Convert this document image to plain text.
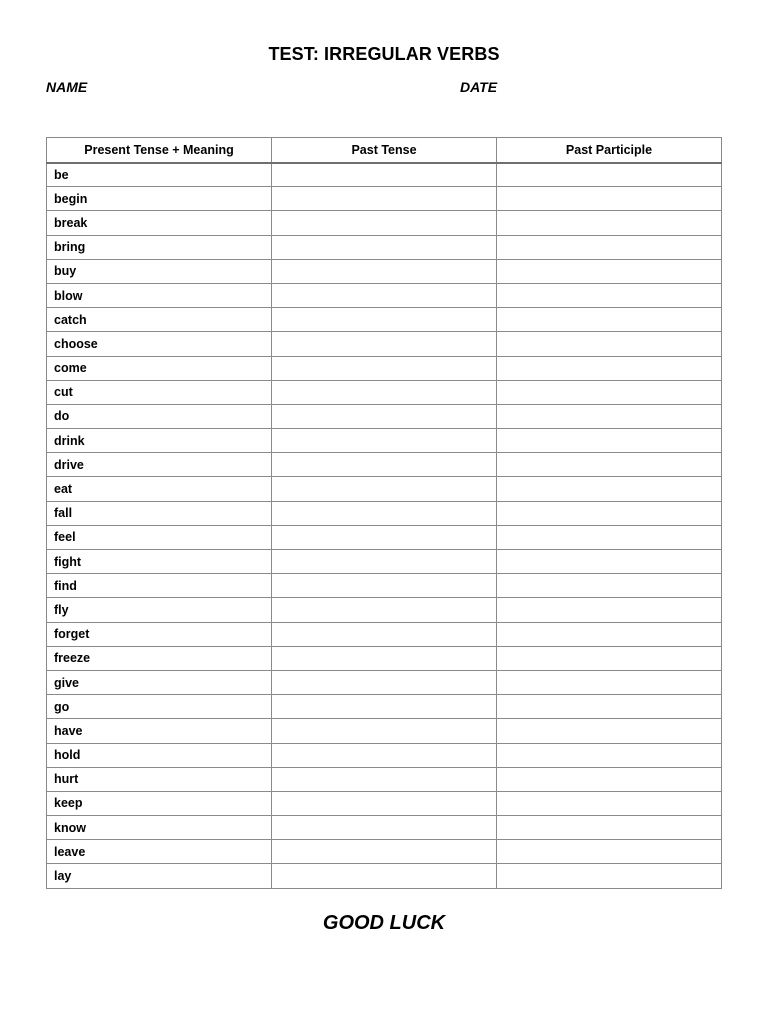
TEST: IRREGULAR VERBS
NAME	DATE
Present Tense + Meaning	Past Tense	Past Participle
be		
begin		
break		
bring		
buy		
blow		
catch		
choose		
come		
cut		
do		
drink		
drive		
eat		
fall		
feel		
fight		
find		
fly		
forget		
freeze		
give		
go		
have		
hold		
hurt		
keep		
know		
leave		
lay		
GOOD LUCK
